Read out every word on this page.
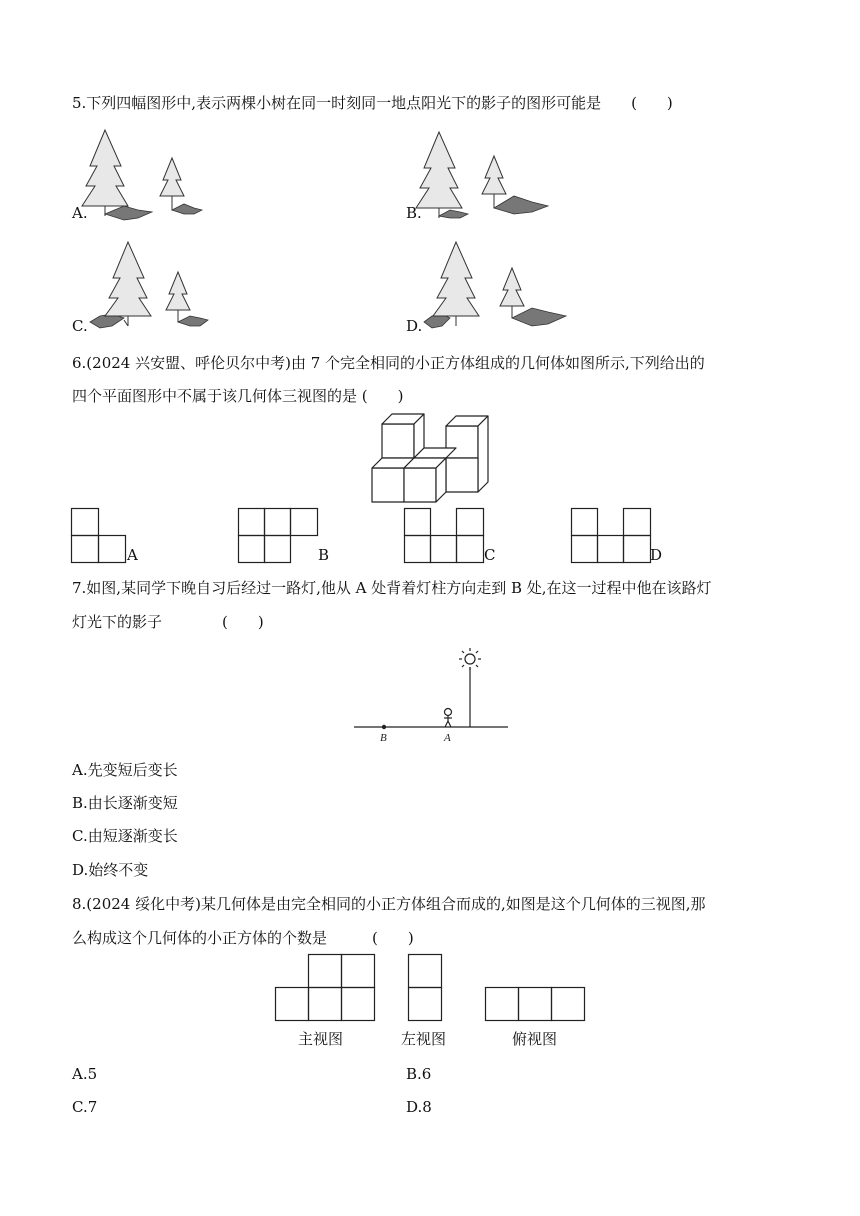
5.下列四幅图形中,表示两棵小树在同一时刻同一地点阳光下的影子的图形可能是　　(　　)
A.	B.
C.	D.
6.(2024 兴安盟、呼伦贝尔中考)由 7 个完全相同的小正方体组成的几何体如图所示,下列给出的
四个平面图形中不属于该几何体三视图的是 (　　)
A	B	C	D
7.如图,某同学下晚自习后经过一路灯,他从 A 处背着灯柱方向走到 B 处,在这一过程中他在该路灯
灯光下的影子　　　　(　　)
B	A
A.先变短后变长
B.由长逐渐变短
C.由短逐渐变长
D.始终不变
8.(2024 绥化中考)某几何体是由完全相同的小正方体组合而成的,如图是这个几何体的三视图,那
么构成这个几何体的小正方体的个数是　　　(　　)
主视图	左视图	俯视图
A.5	B.6
C.7	D.8
